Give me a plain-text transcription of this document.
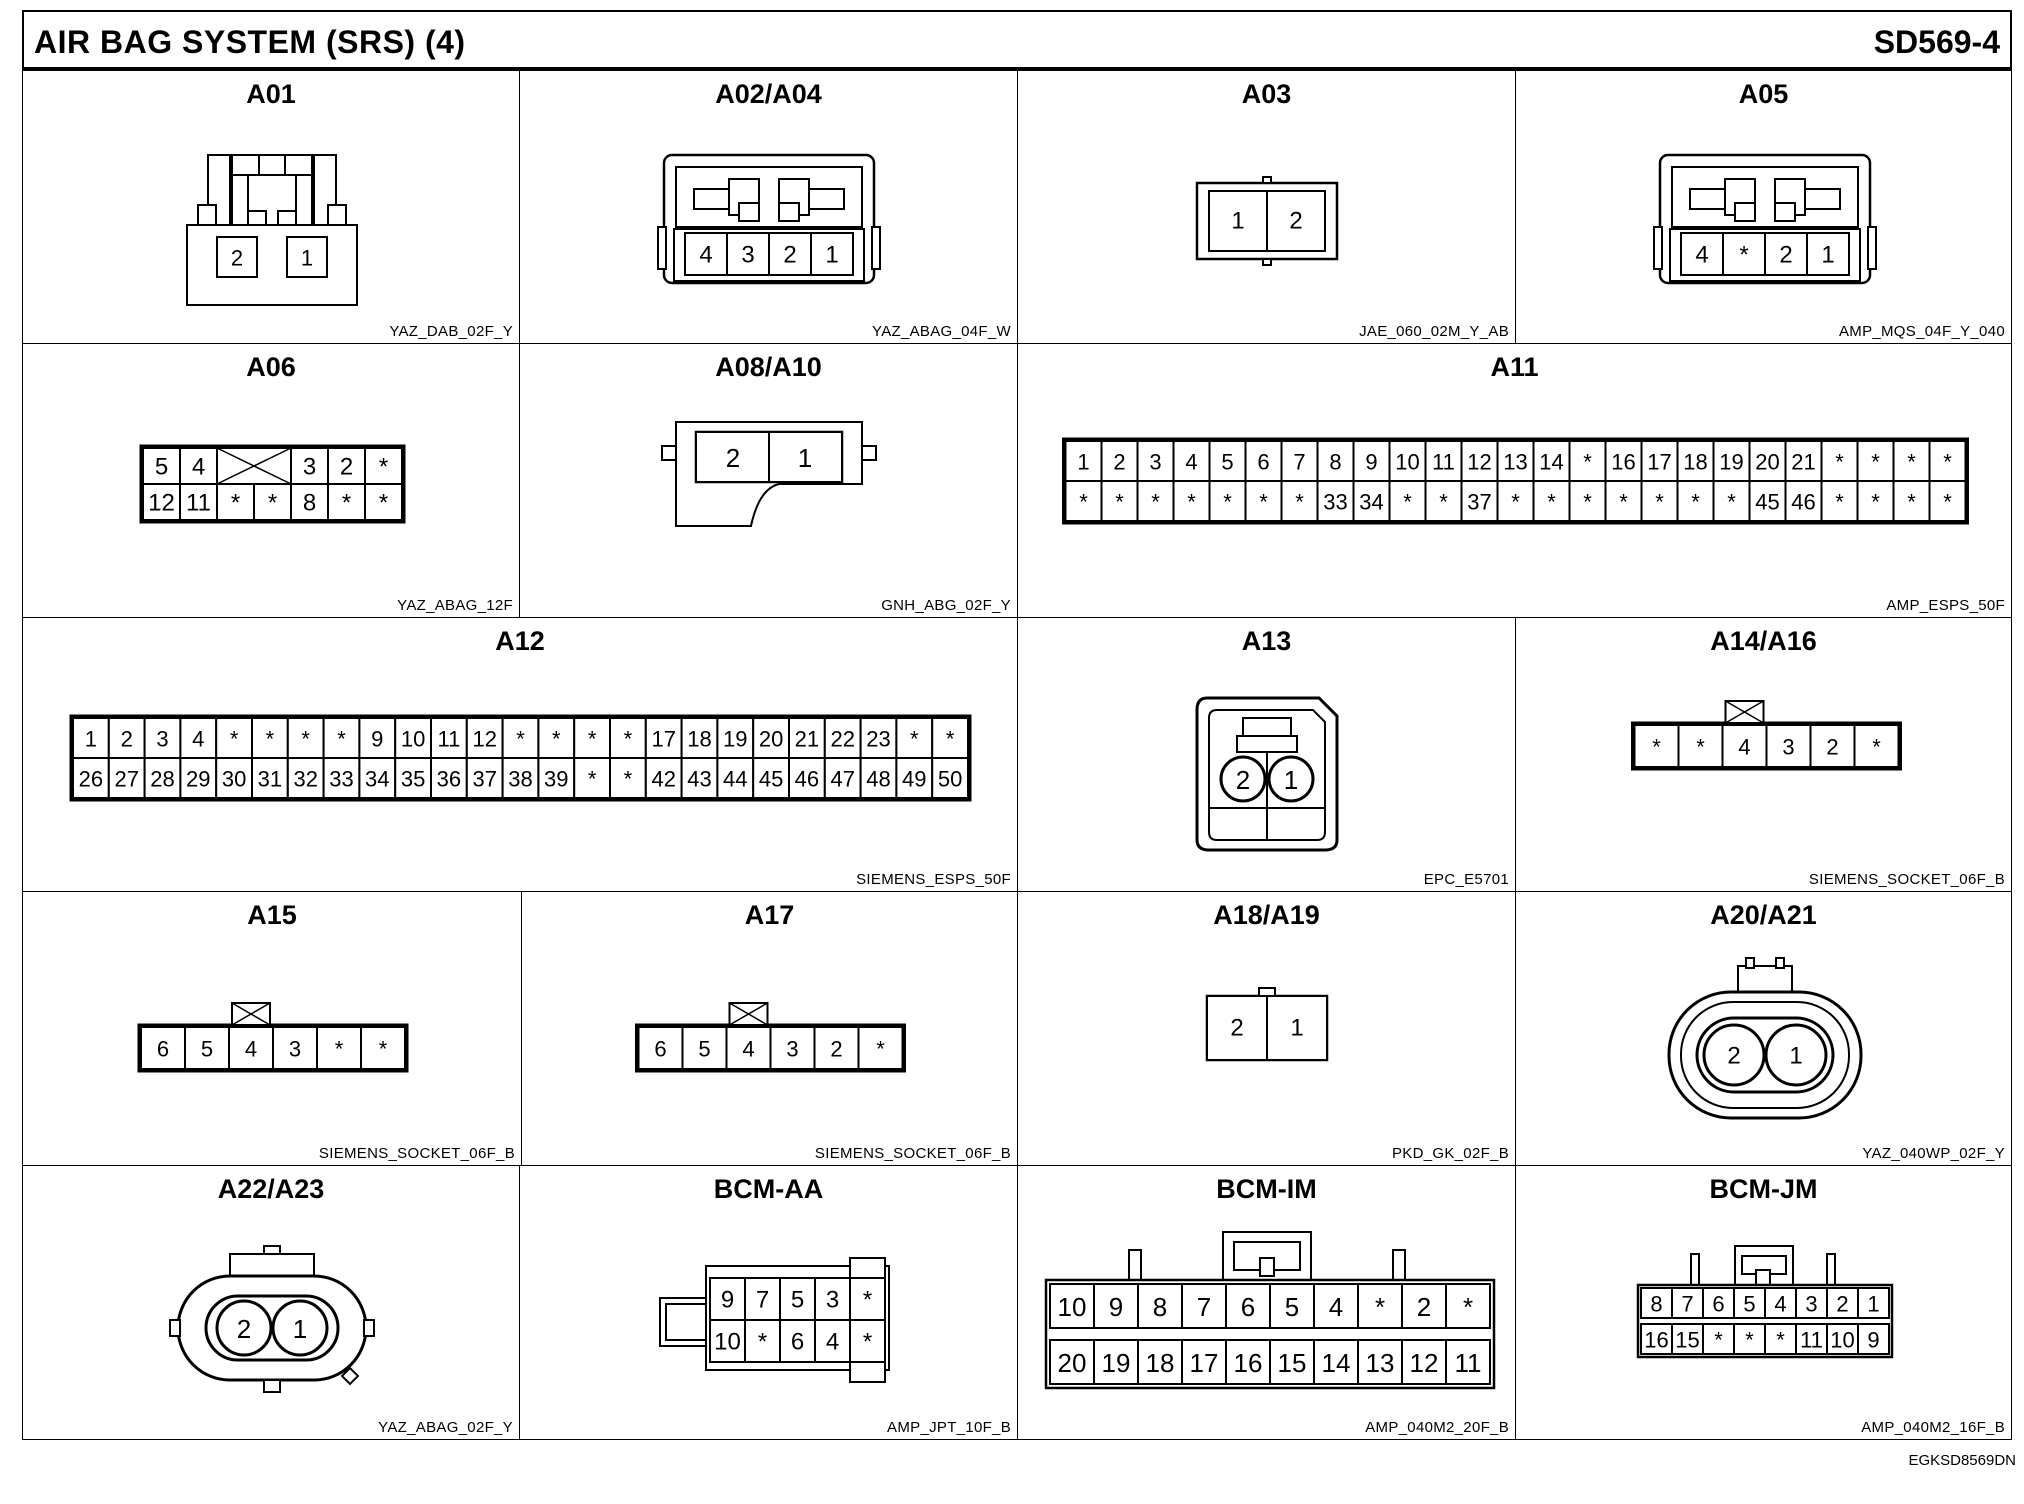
AIR BAG SYSTEM (SRS) (4)	SD569-4
A01
2	1
YAZ_DAB_02F_Y
A02/A04
4 3 2 1
YAZ_ABAG_04F_W
A03
1 2
JAE_060_02M_Y_AB
A05
4 * 2 1
AMP_MQS_04F_Y_040
A06
5 4	3 2 *
12 11 * * 8 * *
YAZ_ABAG_12F
A08/A10
2 1
GNH_ABG_02F_Y
A11
1 2 3 4 5 6 7 8 9 10 11 12 13 14 * 16 17 18 19 20 21 * * * *
* * * * * * * 33 34 * * 37 * * * * * * * 45 46 * * * *
AMP_ESPS_50F
A12
1 2 3 4 * * * * 9 10 11 12 * * * * 17 18 19 20 21 22 23 * *
26 27 28 29 30 31 32 33 34 35 36 37 38 39 * * 42 43 44 45 46 47 48 49 50
SIEMENS_ESPS_50F
A13
2 1
EPC_E5701
A14/A16
* * 4 3 2 *
SIEMENS_SOCKET_06F_B
A15
6 5 4 3 * *
SIEMENS_SOCKET_06F_B
A17
6 5 4 3 2 *
SIEMENS_SOCKET_06F_B
A18/A19
2 1
PKD_GK_02F_B
A20/A21
2 1
YAZ_040WP_02F_Y
A22/A23
2 1
YAZ_ABAG_02F_Y
BCM-AA
9 7 5 3 *
10 * 6 4 *
AMP_JPT_10F_B
BCM-IM
10 9 8 7 6 5 4 * 2 *
20 19 18 17 16 15 14 13 12 11
AMP_040M2_20F_B
BCM-JM
8 7 6 5 4 3 2 1
16 15 * * * 11 10 9
AMP_040M2_16F_B
EGKSD8569DN
